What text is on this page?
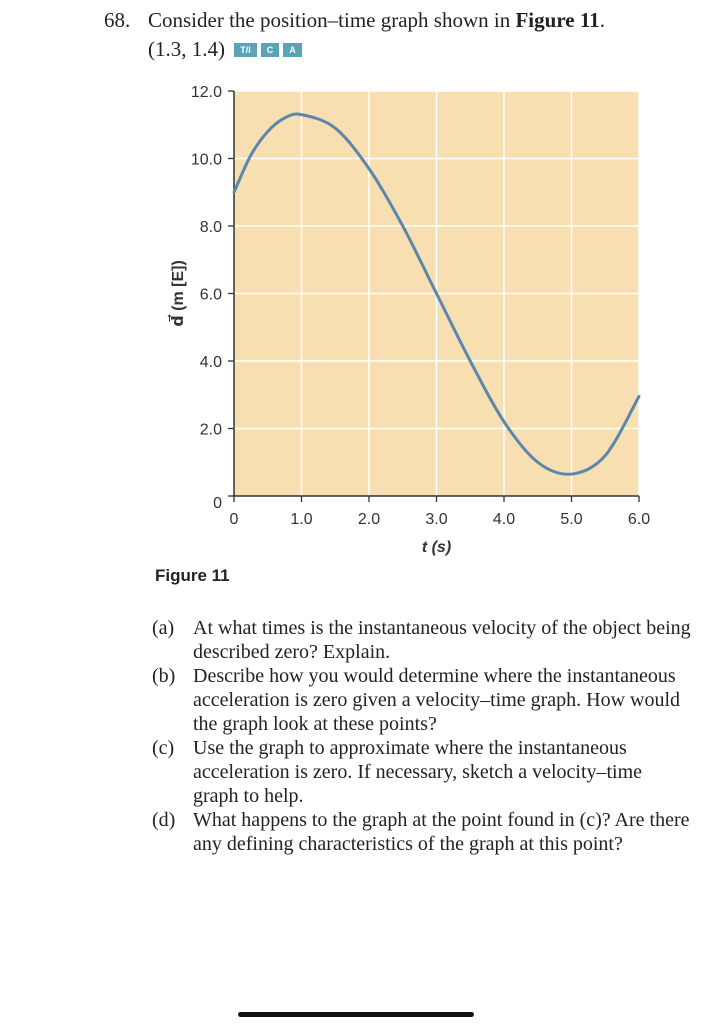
68. Consider the position–time graph shown in Figure 11.
(1.3, 1.4) T/I C A
0	1.0	2.0	3.0	4.0	5.0	6.0
0
2.0
4.0
6.0
8.0
10.0
12.0
t (s)
d⃗ (m [E])
Figure 11
(a) At what times is the instantaneous velocity of the object being described zero? Explain.
(b) Describe how you would determine where the instantaneous acceleration is zero given a velocity–time graph. How would the graph look at these points?
(c) Use the graph to approximate where the instantaneous acceleration is zero. If necessary, sketch a velocity–time graph to help.
(d) What happens to the graph at the point found in (c)? Are there any defining characteristics of the graph at this point?
